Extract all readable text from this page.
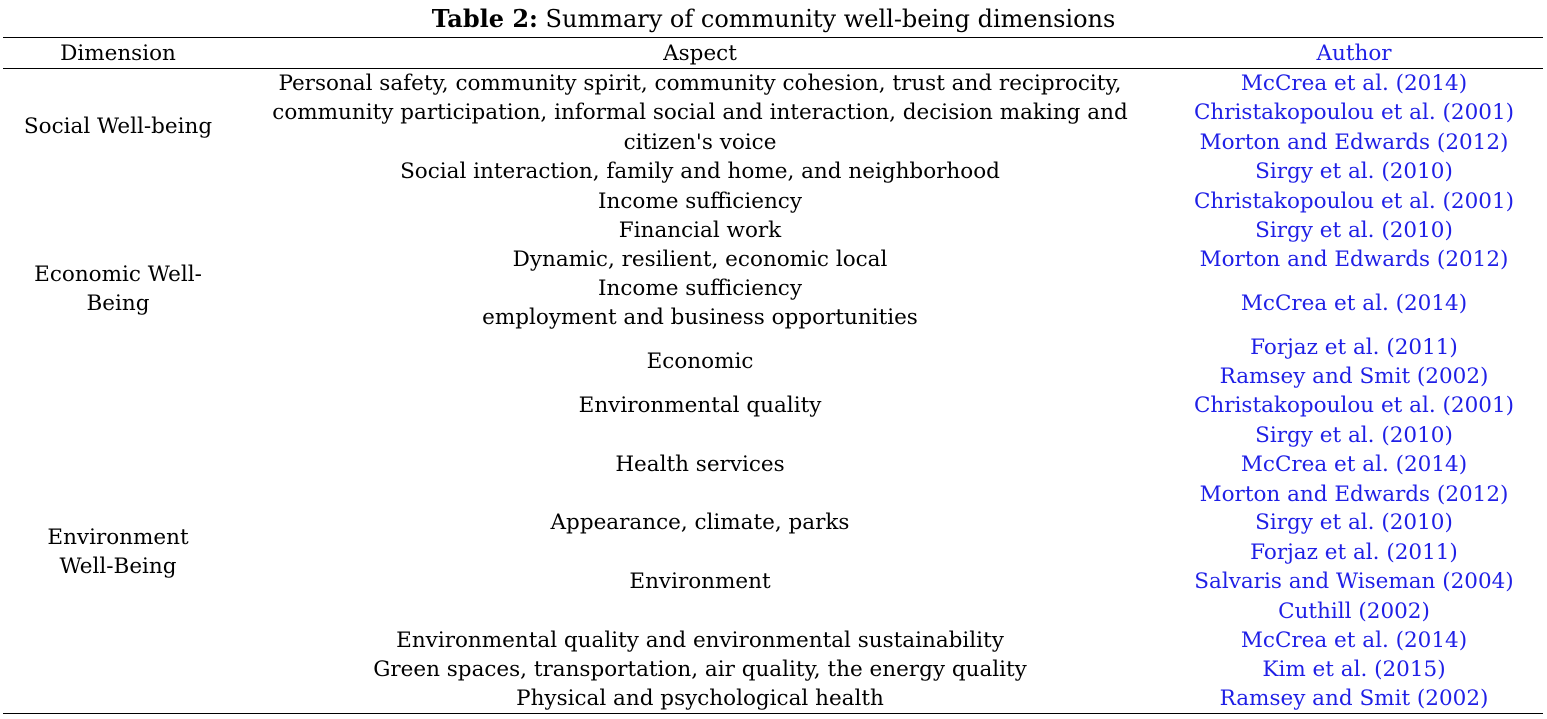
Table 2: Summary of community well-being dimensions
Dimension	Aspect	Author
Social Well-being
Economic Well-
Being
Environment
Well-Being
Personal safety, community spirit, community cohesion, trust and reciprocity,
community participation, informal social and interaction, decision making and
citizen's voice
Social interaction, family and home, and neighborhood
Income sufficiency
Financial work
Dynamic, resilient, economic local
Income sufficiency
employment and business opportunities
Economic
Environmental quality
Health services
Appearance, climate, parks
Environment
Environmental quality and environmental sustainability
Green spaces, transportation, air quality, the energy quality
Physical and psychological health
McCrea et al. (2014)
Christakopoulou et al. (2001)
Morton and Edwards (2012)
Sirgy et al. (2010)
Christakopoulou et al. (2001)
Sirgy et al. (2010)
Morton and Edwards (2012)
McCrea et al. (2014)
Forjaz et al. (2011)
Ramsey and Smit (2002)
Christakopoulou et al. (2001)
Sirgy et al. (2010)
McCrea et al. (2014)
Morton and Edwards (2012)
Sirgy et al. (2010)
Forjaz et al. (2011)
Salvaris and Wiseman (2004)
Cuthill (2002)
McCrea et al. (2014)
Kim et al. (2015)
Ramsey and Smit (2002)
